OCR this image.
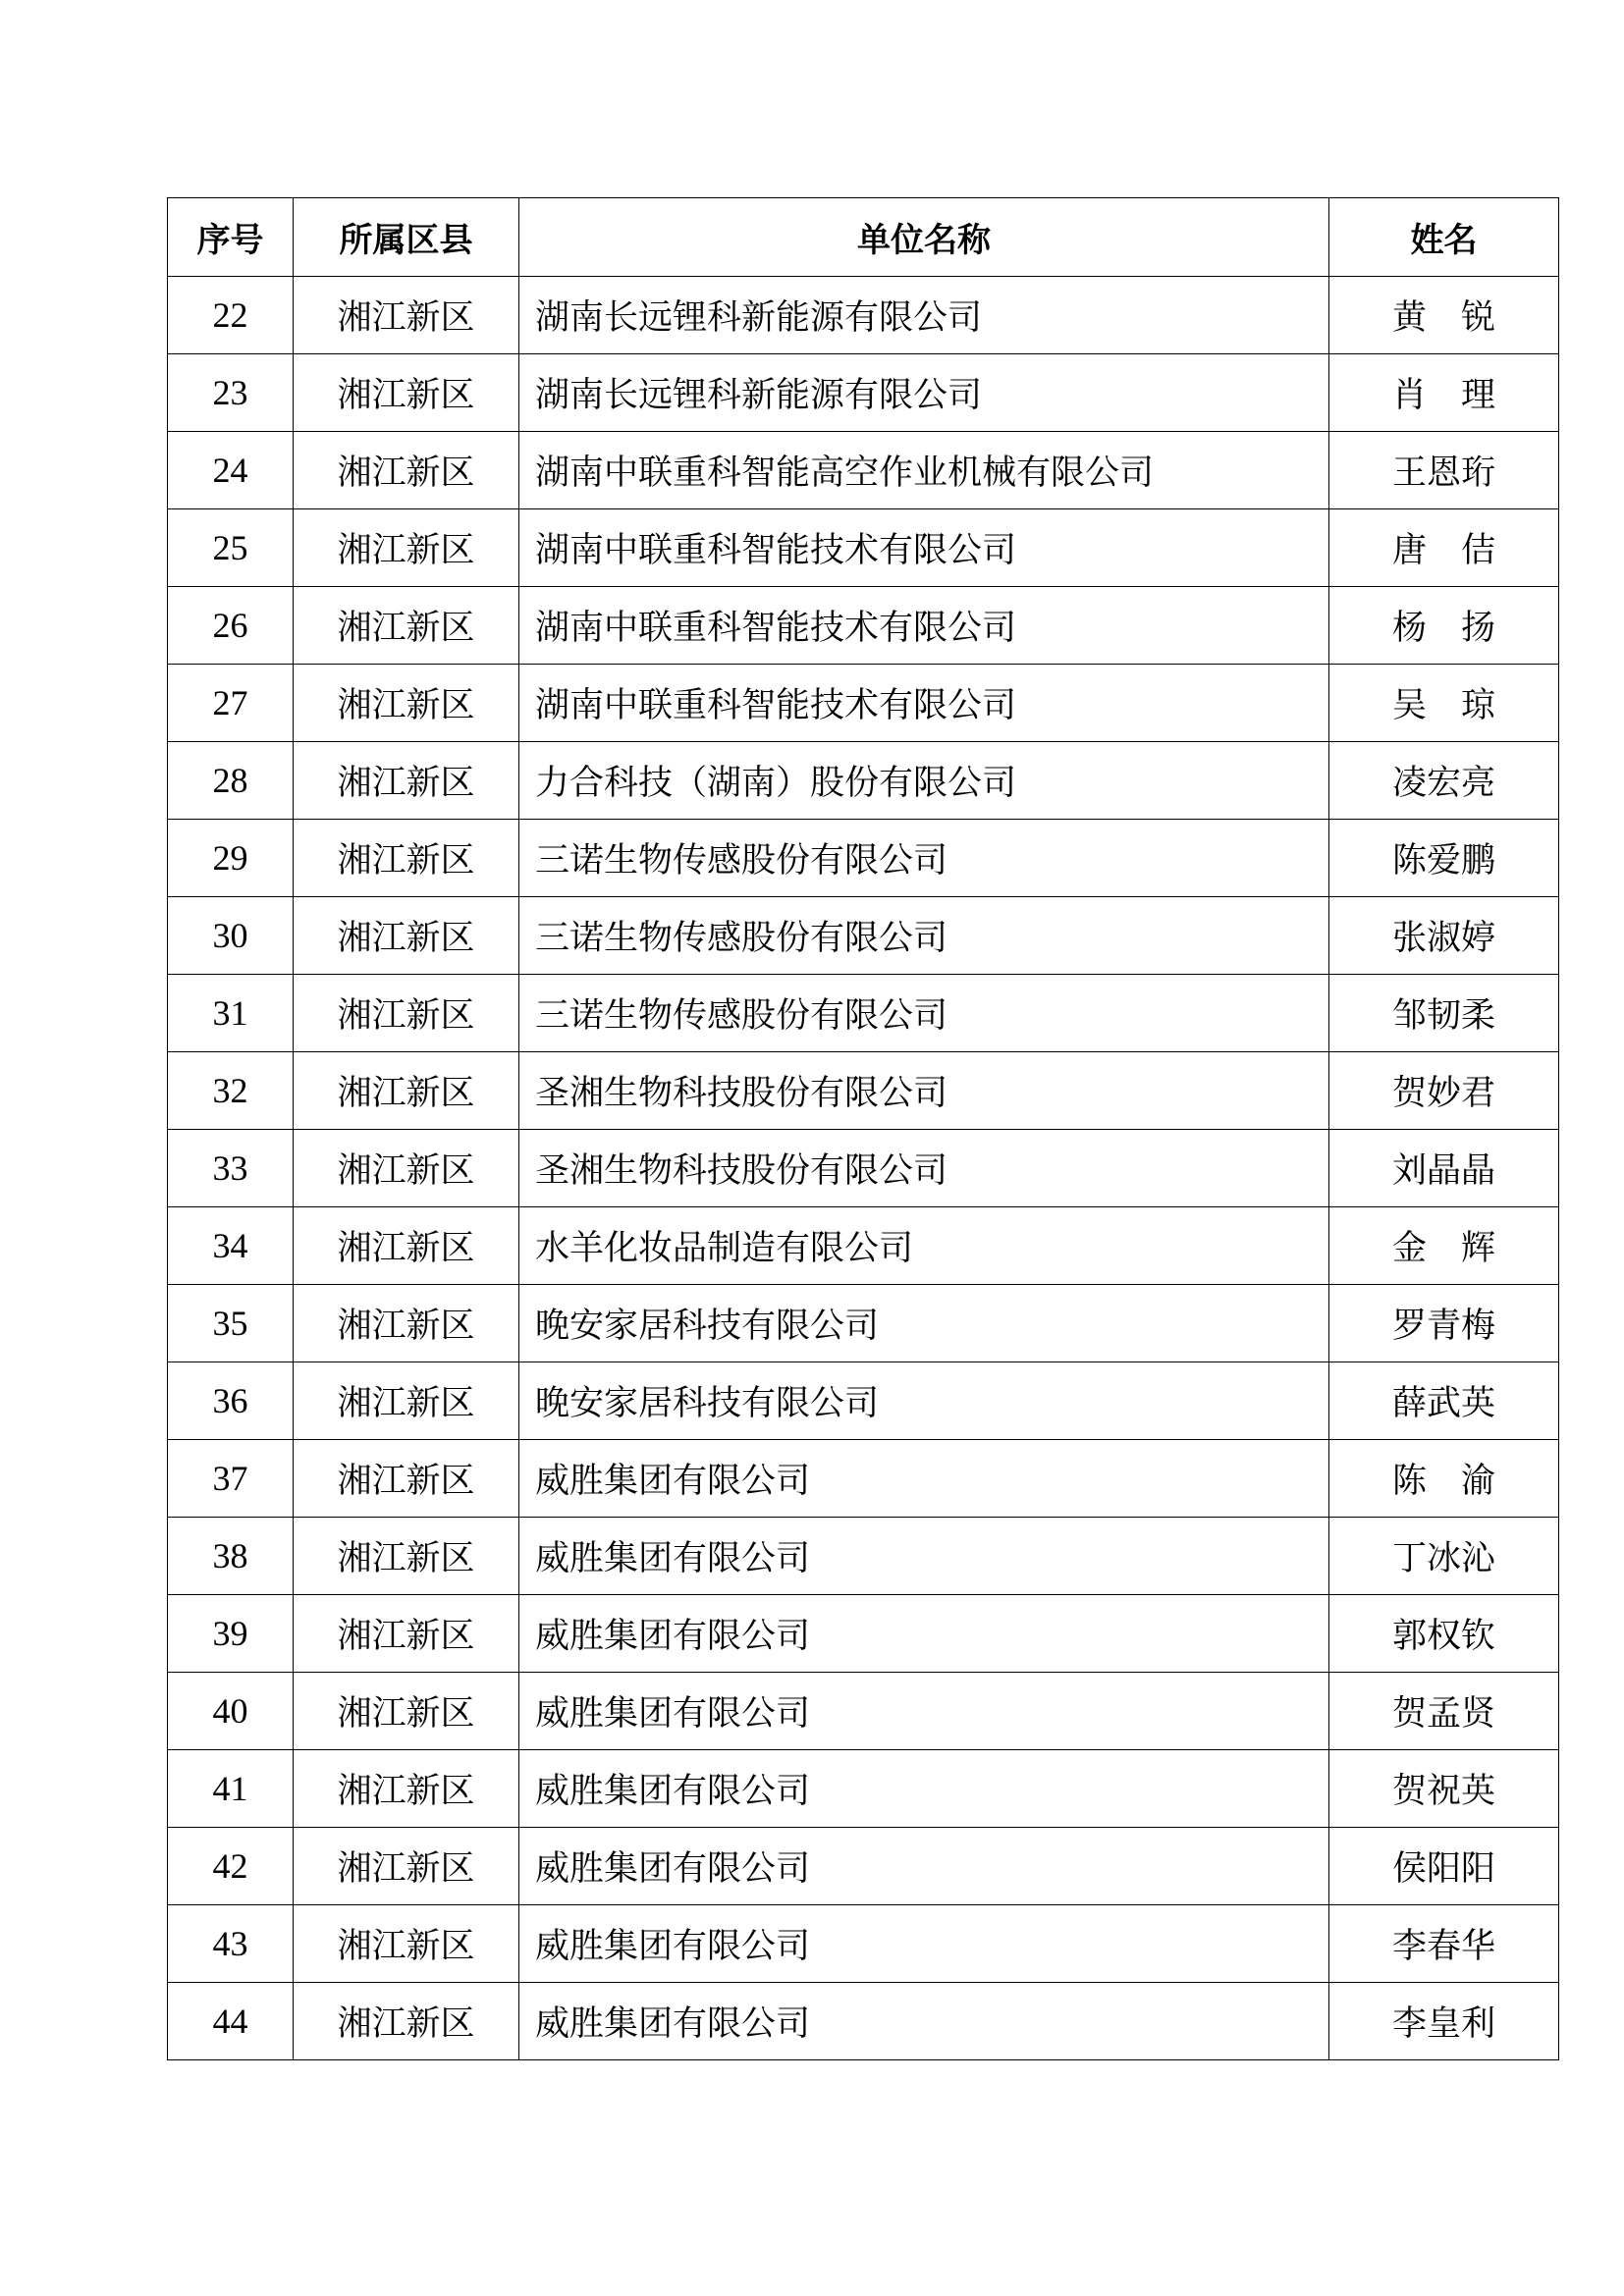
序号	所属区县	单位名称	姓名
22	湘江新区	湖南长远锂科新能源有限公司	黄　锐
23	湘江新区	湖南长远锂科新能源有限公司	肖　理
24	湘江新区	湖南中联重科智能高空作业机械有限公司	王恩珩
25	湘江新区	湖南中联重科智能技术有限公司	唐　佶
26	湘江新区	湖南中联重科智能技术有限公司	杨　扬
27	湘江新区	湖南中联重科智能技术有限公司	吴　琼
28	湘江新区	力合科技（湖南）股份有限公司	凌宏亮
29	湘江新区	三诺生物传感股份有限公司	陈爱鹏
30	湘江新区	三诺生物传感股份有限公司	张淑婷
31	湘江新区	三诺生物传感股份有限公司	邹韧柔
32	湘江新区	圣湘生物科技股份有限公司	贺妙君
33	湘江新区	圣湘生物科技股份有限公司	刘晶晶
34	湘江新区	水羊化妆品制造有限公司	金　辉
35	湘江新区	晚安家居科技有限公司	罗青梅
36	湘江新区	晚安家居科技有限公司	薛武英
37	湘江新区	威胜集团有限公司	陈　渝
38	湘江新区	威胜集团有限公司	丁冰沁
39	湘江新区	威胜集团有限公司	郭权钦
40	湘江新区	威胜集团有限公司	贺孟贤
41	湘江新区	威胜集团有限公司	贺祝英
42	湘江新区	威胜集团有限公司	侯阳阳
43	湘江新区	威胜集团有限公司	李春华
44	湘江新区	威胜集团有限公司	李皇利
